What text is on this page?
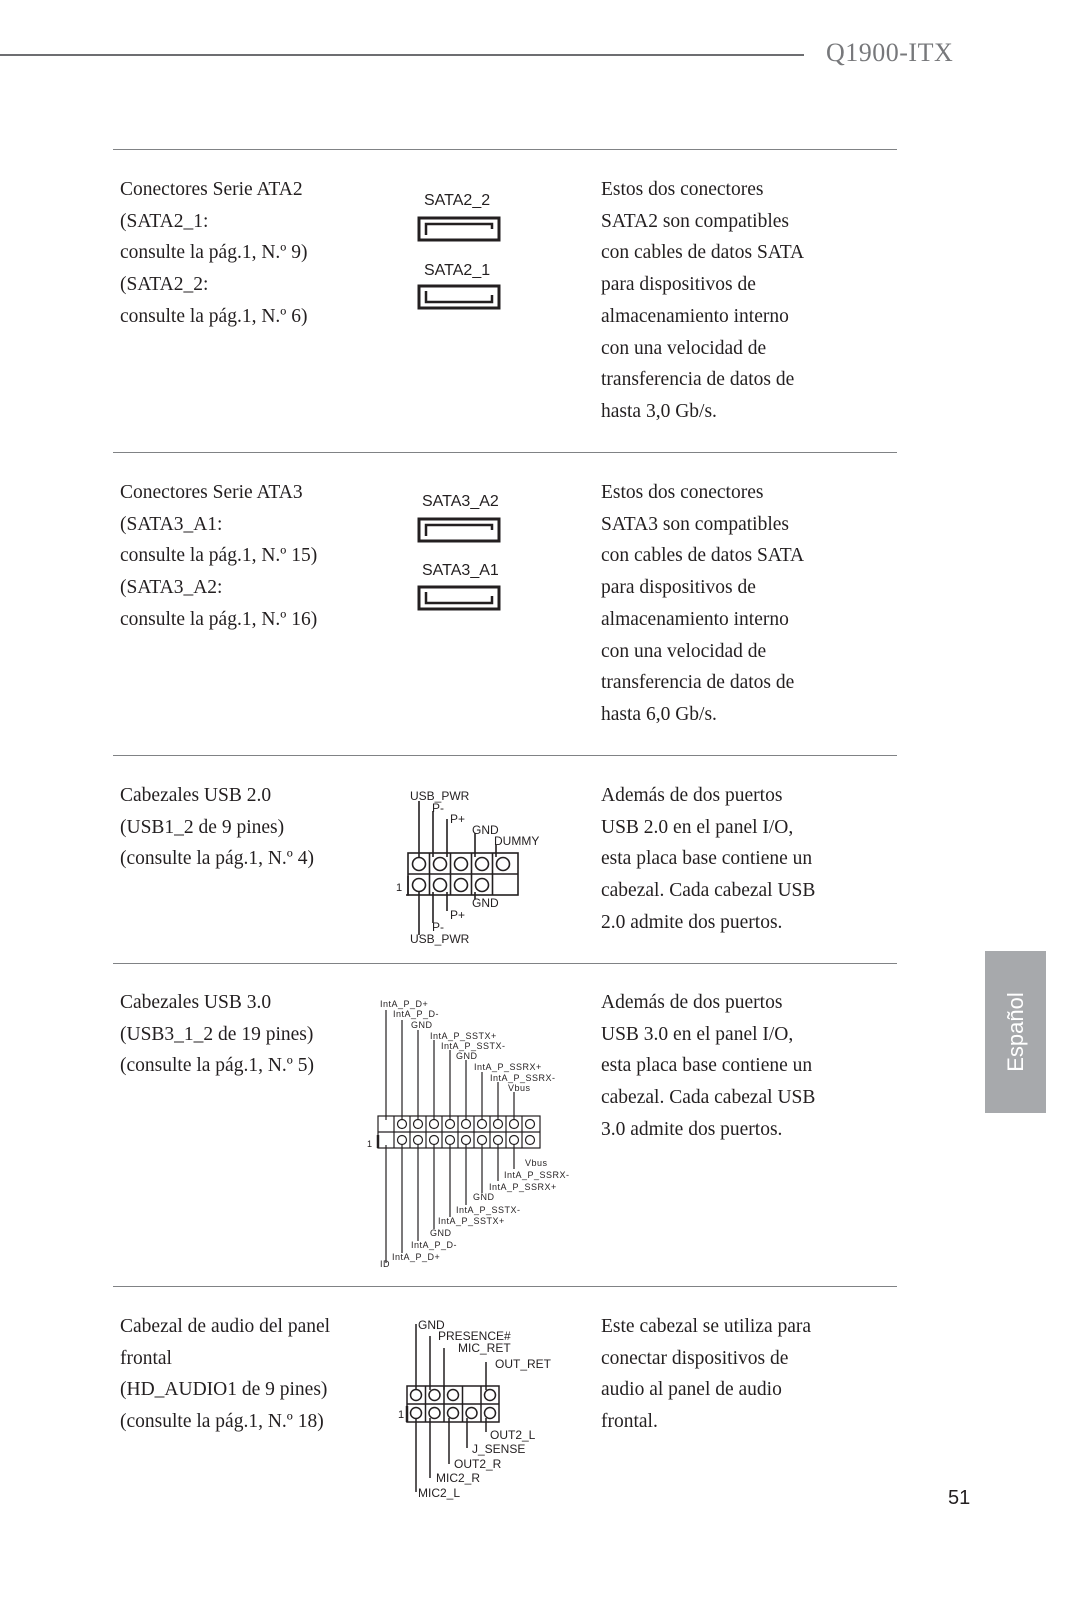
Q1900-ITX
Conectores Serie ATA2
(SATA2_1:
consulte la pág.1, N.º 9)
(SATA2_2:
consulte la pág.1, N.º 6)
SATA2_2
SATA2_1
Estos dos conectores
SATA2 son compatibles
con cables de datos SATA
para dispositivos de
almacenamiento interno
con una velocidad de
transferencia de datos de
hasta 3,0 Gb/s.
Conectores Serie ATA3
(SATA3_A1:
consulte la pág.1, N.º 15)
(SATA3_A2:
consulte la pág.1, N.º 16)
SATA3_A2
SATA3_A1
Estos dos conectores
SATA3 son compatibles
con cables de datos SATA
para dispositivos de
almacenamiento interno
con una velocidad de
transferencia de datos de
hasta 6,0 Gb/s.
Cabezales USB 2.0
(USB1_2 de 9 pines)
(consulte la pág.1, N.º 4)
USB_PWR
P-
P+
GND
DUMMY
1
GND
P+
P-
USB_PWR
Además de dos puertos
USB 2.0 en el panel I/O,
esta placa base contiene un
cabezal. Cada cabezal USB
2.0 admite dos puertos.
Cabezales USB 3.0
(USB3_1_2 de 19 pines)
(consulte la pág.1, N.º 5)
IntA_P_D+
IntA_P_D-
GND
IntA_P_SSTX+
IntA_P_SSTX-
GND
IntA_P_SSRX+
IntA_P_SSRX-
Vbus
1
Vbus
IntA_P_SSRX-
IntA_P_SSRX+
GND
IntA_P_SSTX-
IntA_P_SSTX+
GND
IntA_P_D-
IntA_P_D+
ID
Además de dos puertos
USB 3.0 en el panel I/O,
esta placa base contiene un
cabezal. Cada cabezal USB
3.0 admite dos puertos.
Cabezal de audio del panel
frontal
(HD_AUDIO1 de 9 pines)
(consulte la pág.1, N.º 18)
GND
PRESENCE#
MIC_RET
OUT_RET
1
OUT2_L
J_SENSE
OUT2_R
MIC2_R
MIC2_L
Este cabezal se utiliza para
conectar dispositivos de
audio al panel de audio
frontal.
Español
51
